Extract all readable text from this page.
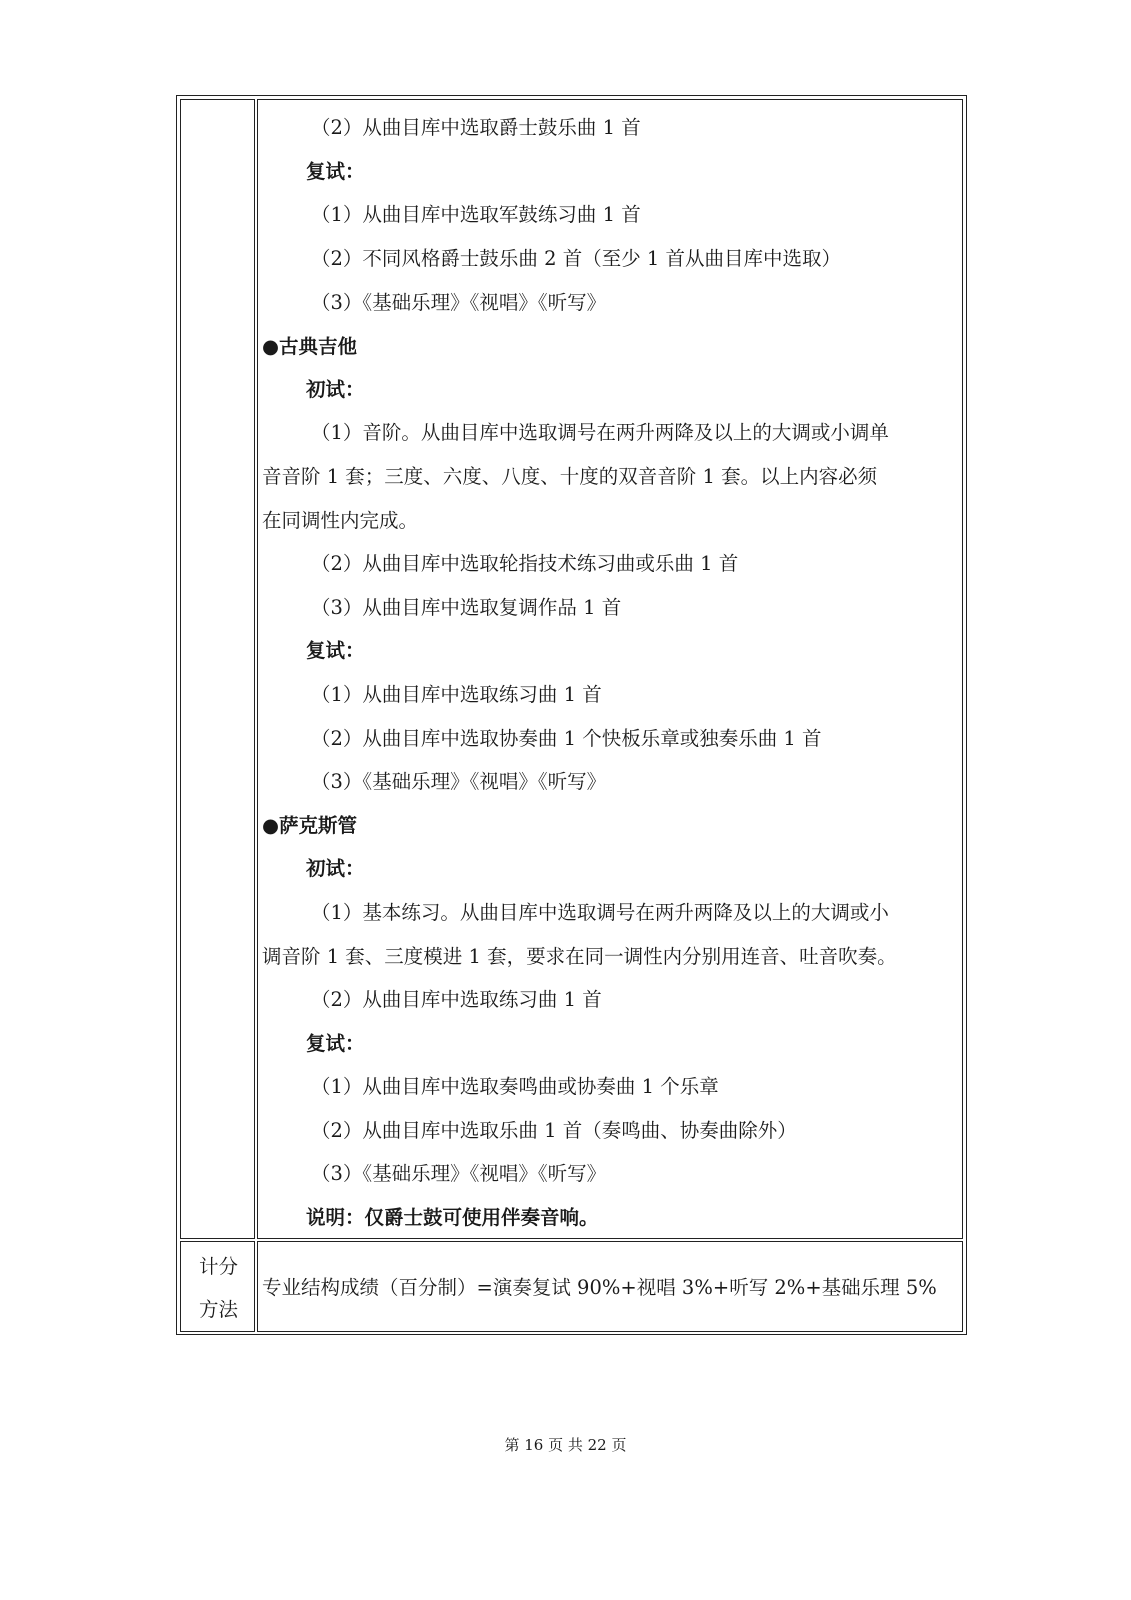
（2）从曲目库中选取爵士鼓乐曲 1 首
复试：
（1）从曲目库中选取军鼓练习曲 1 首
（2）不同风格爵士鼓乐曲 2 首（至少 1 首从曲目库中选取）
（3）《基础乐理》《视唱》《听写》
●古典吉他
初试：
（1）音阶。从曲目库中选取调号在两升两降及以上的大调或小调单
音音阶 1 套；三度、六度、八度、十度的双音音阶 1 套。以上内容必须
在同调性内完成。
（2）从曲目库中选取轮指技术练习曲或乐曲 1 首
（3）从曲目库中选取复调作品 1 首
复试：
（1）从曲目库中选取练习曲 1 首
（2）从曲目库中选取协奏曲 1 个快板乐章或独奏乐曲 1 首
（3）《基础乐理》《视唱》《听写》
●萨克斯管
初试：
（1）基本练习。从曲目库中选取调号在两升两降及以上的大调或小
调音阶 1 套、三度模进 1 套，要求在同一调性内分别用连音、吐音吹奏。
（2）从曲目库中选取练习曲 1 首
复试：
（1）从曲目库中选取奏鸣曲或协奏曲 1 个乐章
（2）从曲目库中选取乐曲 1 首（奏鸣曲、协奏曲除外）
（3）《基础乐理》《视唱》《听写》
说明：仅爵士鼓可使用伴奏音响。
计分
方法
专业结构成绩（百分制）=演奏复试 90%+视唱 3%+听写 2%+基础乐理 5%
第 16 页 共 22 页
